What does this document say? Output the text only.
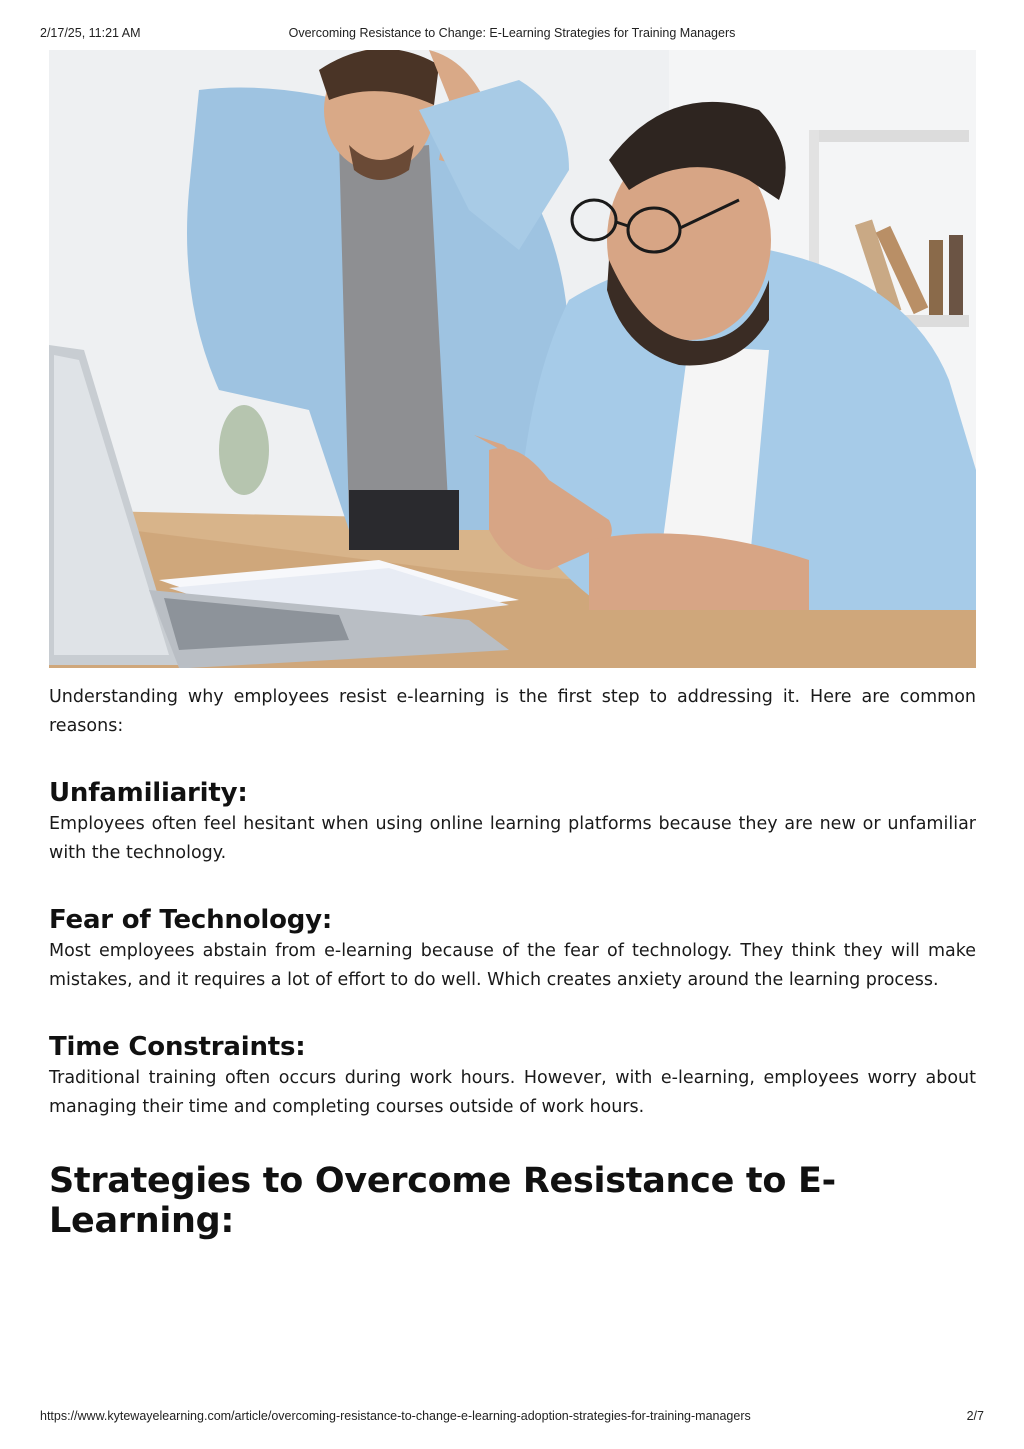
2/17/25, 11:21 AM	Overcoming Resistance to Change: E-Learning Strategies for Training Managers

Understanding why employees resist e-learning is the first step to addressing it. Here are common reasons:

Unfamiliarity:

Employees often feel hesitant when using online learning platforms because they are new or unfamiliar with the technology.

Fear of Technology:

Most employees abstain from e-learning because of the fear of technology. They think they will make mistakes, and it requires a lot of effort to do well. Which creates anxiety around the learning process.

Time Constraints:

Traditional training often occurs during work hours. However, with e-learning, employees worry about managing their time and completing courses outside of work hours.

Strategies to Overcome Resistance to E-Learning:
https://www.kytewayelearning.com/article/overcoming-resistance-to-change-e-learning-adoption-strategies-for-training-managers	2/7
